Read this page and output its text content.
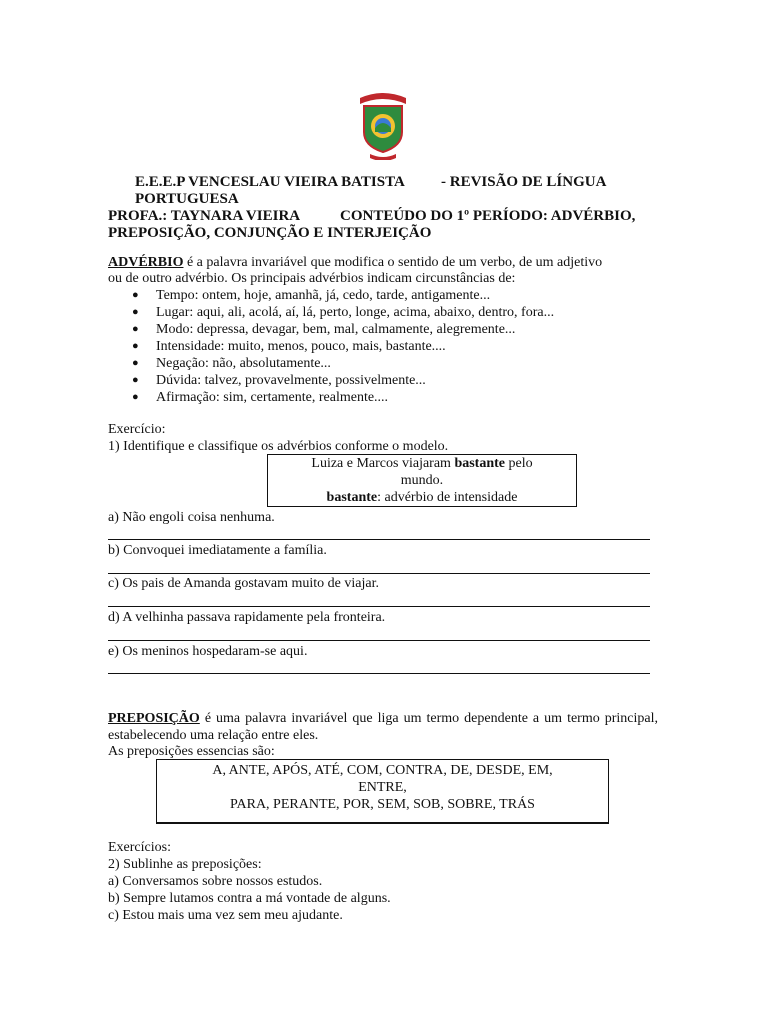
E.E.E.P VENCESLAU VIEIRA BATISTA - REVISÃO DE LÍNGUA
PORTUGUESA
PROFA.: TAYNARA VIEIRA	CONTEÚDO DO 1º PERÍODO: ADVÉRBIO,
PREPOSIÇÃO, CONJUNÇÃO E INTERJEIÇÃO
ADVÉRBIO é a palavra invariável que modifica o sentido de um verbo, de um adjetivo
ou de outro advérbio. Os principais advérbios indicam circunstâncias de:
● Tempo: ontem, hoje, amanhã, já, cedo, tarde, antigamente...
● Lugar: aqui, ali, acolá, aí, lá, perto, longe, acima, abaixo, dentro, fora...
● Modo: depressa, devagar, bem, mal, calmamente, alegremente...
● Intensidade: muito, menos, pouco, mais, bastante....
● Negação: não, absolutamente...
● Dúvida: talvez, provavelmente, possivelmente...
● Afirmação: sim, certamente, realmente....
Exercício:
1) Identifique e classifique os advérbios conforme o modelo.
Luiza e Marcos viajaram bastante pelo
mundo.
bastante: advérbio de intensidade
a) Não engoli coisa nenhuma.
b) Convoquei imediatamente a família.
c) Os pais de Amanda gostavam muito de viajar.
d) A velhinha passava rapidamente pela fronteira.
e) Os meninos hospedaram-se aqui.
PREPOSIÇÃO é uma palavra invariável que liga um termo dependente a um termo principal, estabelecendo uma relação entre eles.
As preposições essencias são:
A, ANTE, APÓS, ATÉ, COM, CONTRA, DE, DESDE, EM,
ENTRE,
PARA, PERANTE, POR, SEM, SOB, SOBRE, TRÁS
Exercícios:
2) Sublinhe as preposições:
a) Conversamos sobre nossos estudos.
b) Sempre lutamos contra a má vontade de alguns.
c) Estou mais uma vez sem meu ajudante.
